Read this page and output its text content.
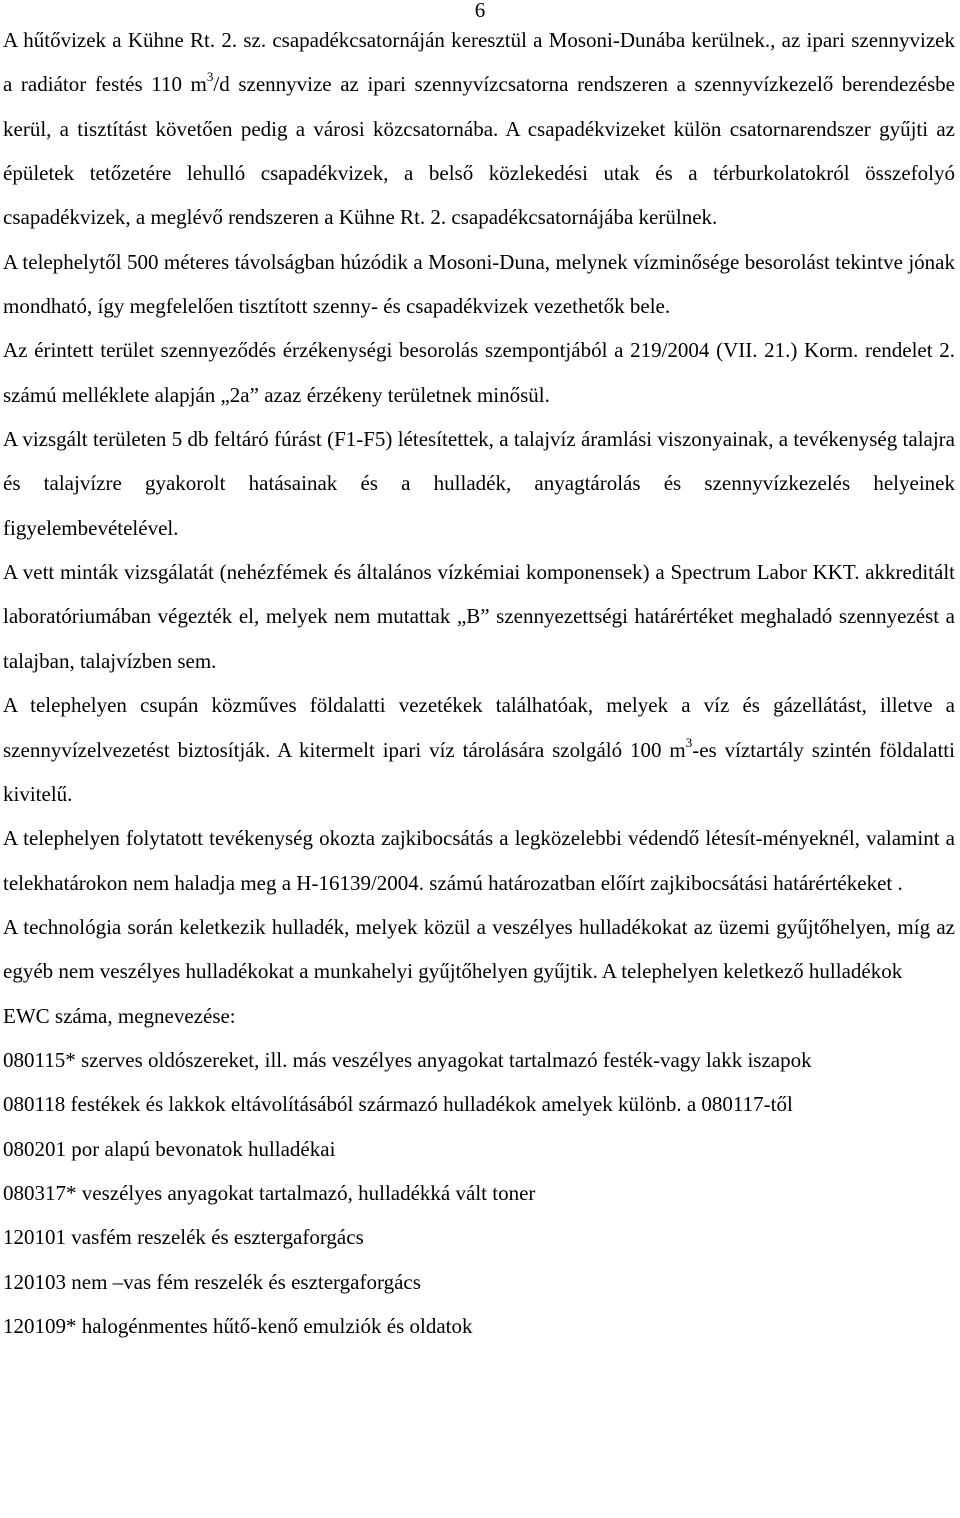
6

A hűtővizek a Kühne Rt. 2. sz. csapadékcsatornáján keresztül a Mosoni-Dunába kerülnek., az ipari szennyvizek a radiátor festés 110 $m^3/d$ szennyvize az ipari szennyvízcsatorna rendszeren a szennyvízkezelő berendezésbe kerül, a tisztítást követően pedig a városi közcsatornába. A csapadékvizeket külön csatornarendszer gyűjti az épületek tetőzetére lehulló csapadékvizek, a belső közlekedési utak és a térburkolatokról összefolyó csapadékvizek, a meglévő rendszeren a Kühne Rt. 2. csapadékcsatornájába kerülnek.

A telephelytől 500 méteres távolságban húzódik a Mosoni-Duna, melynek vízminősége besorolást tekintve jónak mondható, így megfelelően tisztított szenny- és csapadékvizek vezethetők bele.

Az érintett terület szennyeződés érzékenységi besorolás szempontjából a 219/2004 (VII. 21.) Korm. rendelet 2. számú melléklete alapján „2a” azaz érzékeny területnek minősül.

A vizsgált területen 5 db feltáró fúrást (F1-F5) létesítettek, a talajvíz áramlási viszonyainak, a tevékenység talajra és talajvízre gyakorolt hatásainak és a hulladék, anyagtárolás és szennyvízkezelés helyeinek figyelembevételével.

A vett minták vizsgálatát (nehézfémek és általános vízkémiai komponensek) a Spectrum Labor KKT. akkreditált laboratóriumában végezték el, melyek nem mutattak „B” szennyezettségi határértéket meghaladó szennyezést a talajban, talajvízben sem.

A telephelyen csupán közműves földalatti vezetékek találhatóak, melyek a víz és gázellátást, illetve a szennyvízelvezetést biztosítják. A kitermelt ipari víz tárolására szolgáló 100 $m^3-es$ víztartály szintén földalatti kivitelű.

A telephelyen folytatott tevékenység okozta zajkibocsátás a legközelebbi védendő létesít-ményeknél, valamint a telekhatárokon nem haladja meg a H-16139/2004. számú határozatban előírt zajkibocsátási határértékeket .

A technológia során keletkezik hulladék, melyek közül a veszélyes hulladékokat az üzemi gyűjtőhelyen, míg az egyéb nem veszélyes hulladékokat a munkahelyi gyűjtőhelyen gyűjtik. A telephelyen keletkező hulladékok

EWC száma, megnevezése:

080115* szerves oldószereket, ill. más veszélyes anyagokat tartalmazó festék-vagy lakk iszapok

080118 festékek és lakkok eltávolításából származó hulladékok amelyek különb. a 080117-től

080201 por alapú bevonatok hulladékai

080317* veszélyes anyagokat tartalmazó, hulladékká vált toner

120101 vasfém reszelék és esztergaforgács

120103 nem –vas fém reszelék és esztergaforgács

120109* halogénmentes hűtő-kenő emulziók és oldatok
